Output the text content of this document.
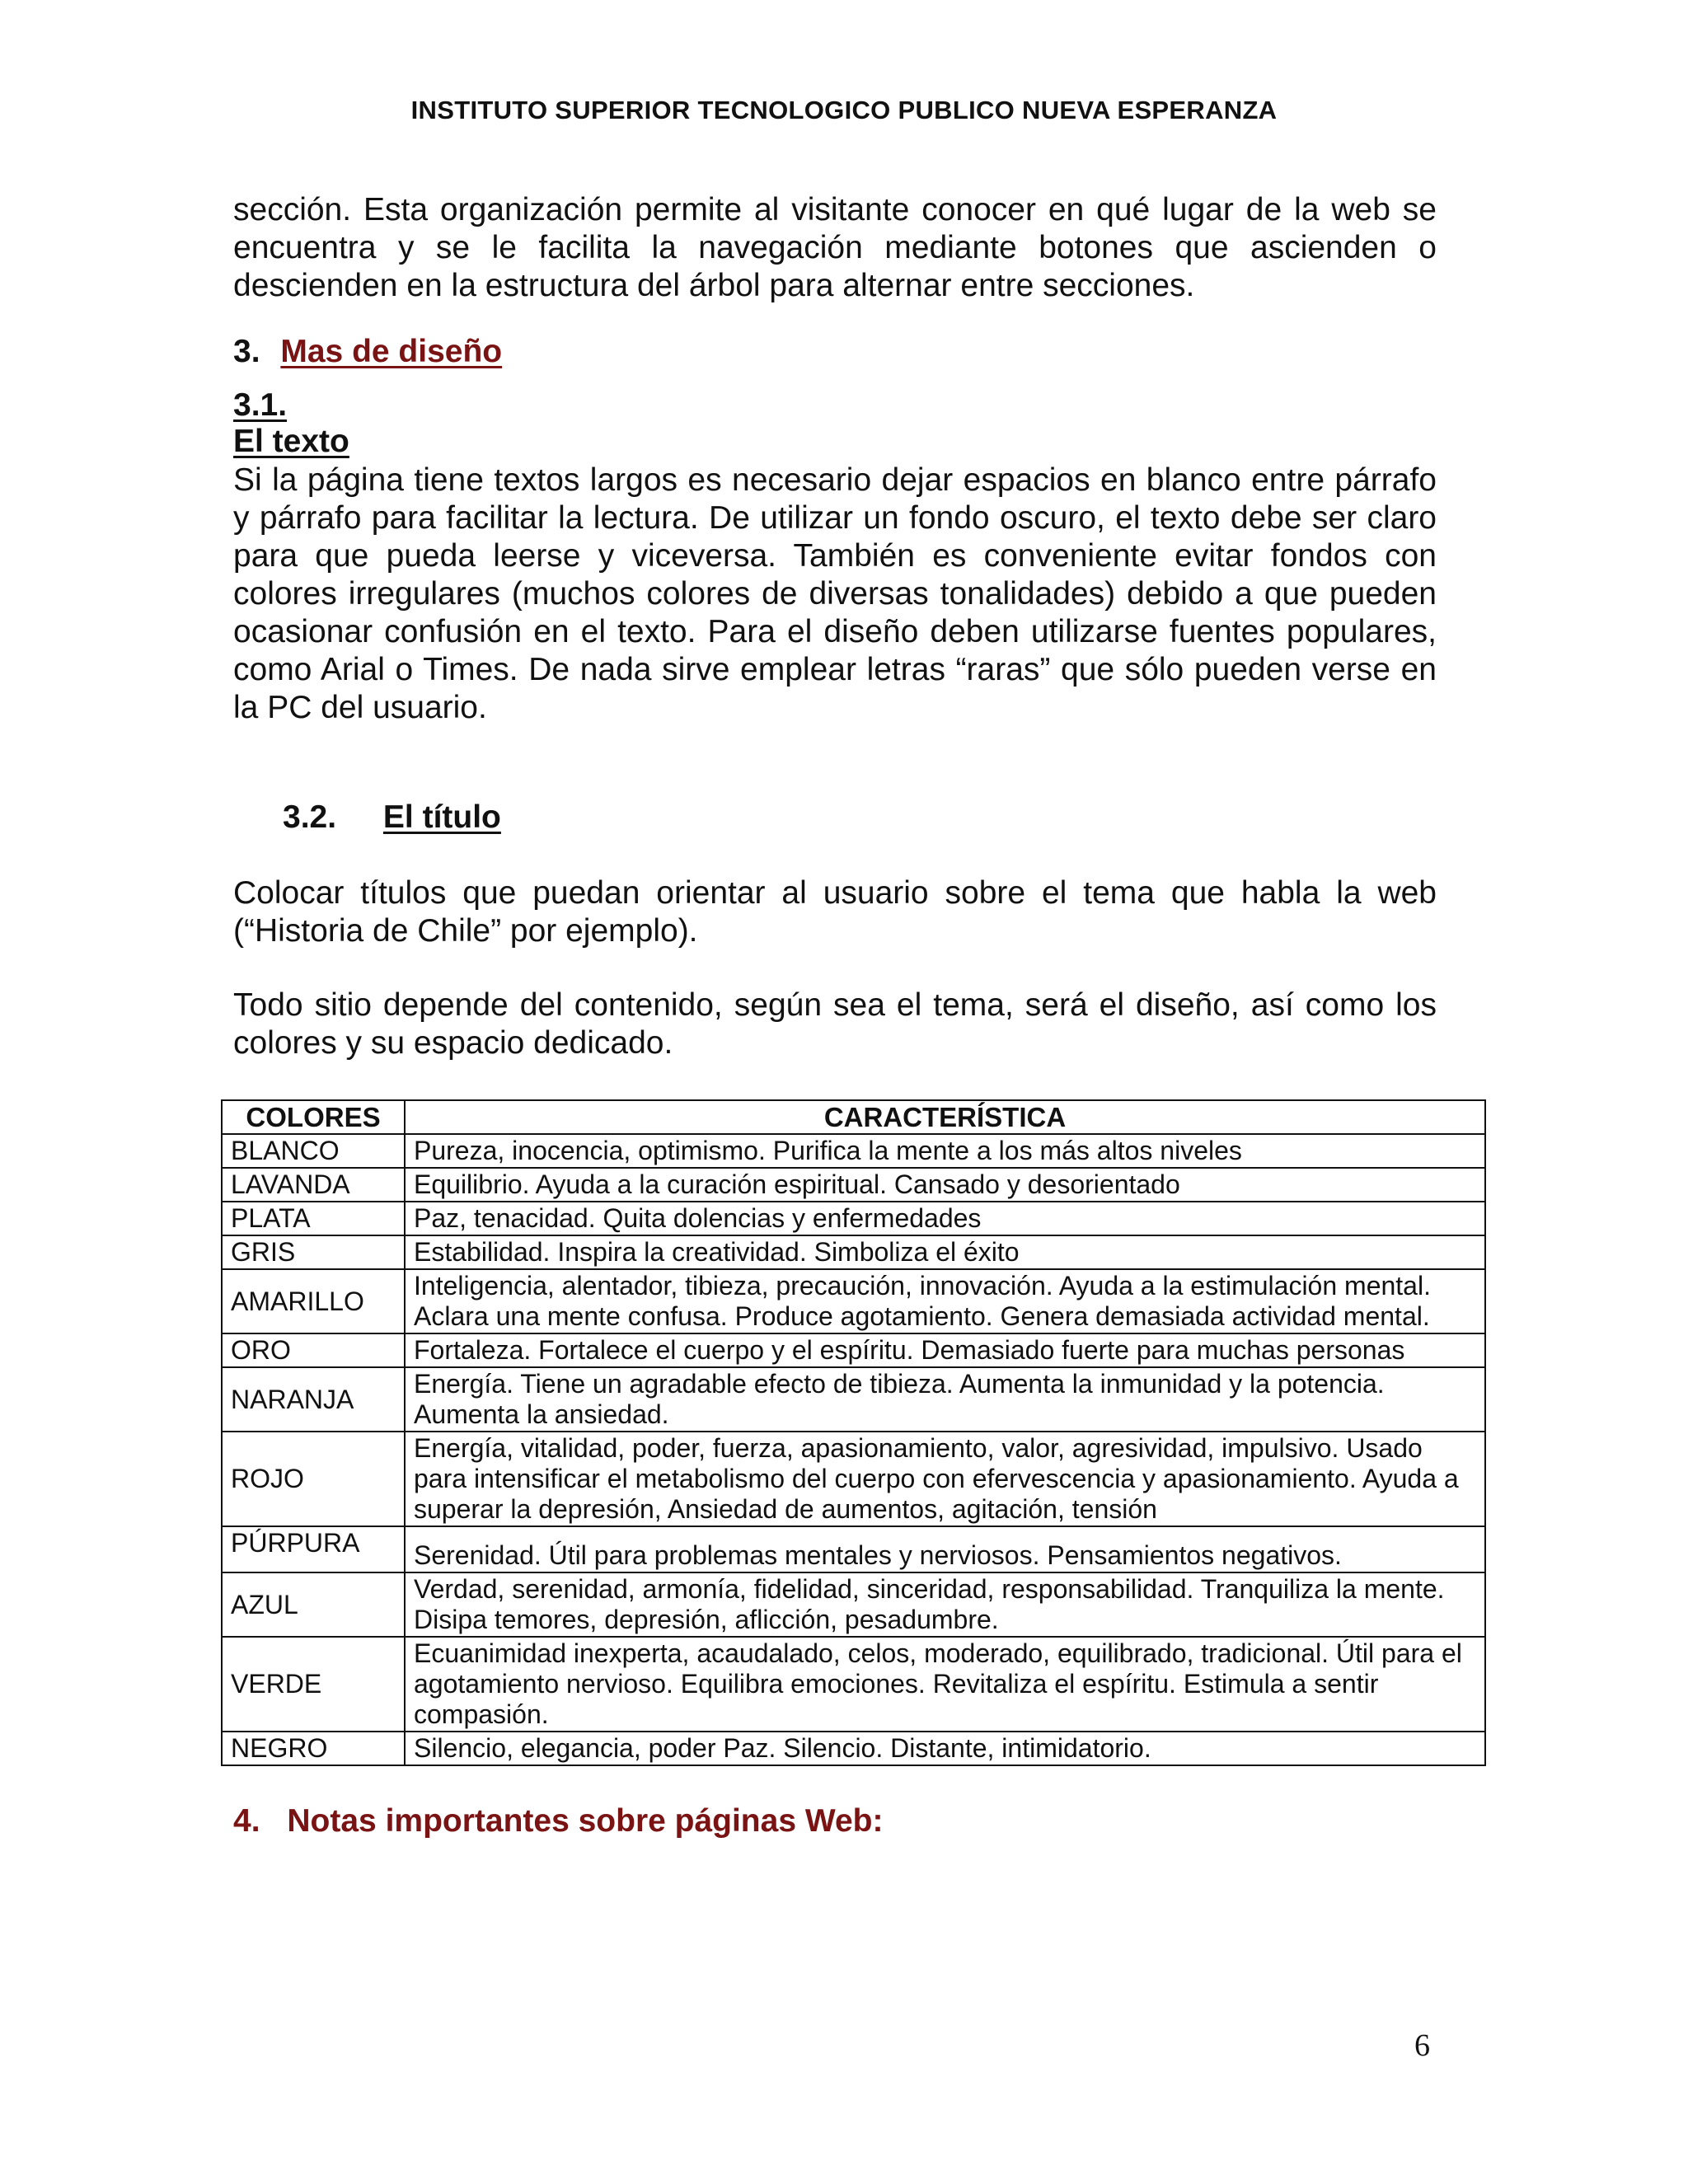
INSTITUTO SUPERIOR TECNOLOGICO PUBLICO NUEVA ESPERANZA
sección. Esta organización permite al visitante conocer en qué lugar de la web se encuentra y se le facilita la navegación mediante botones que ascienden o descienden en la estructura del árbol para alternar entre secciones.
3. Mas de diseño
3.1.
El texto
Si la página tiene textos largos es necesario dejar espacios en blanco entre párrafo y párrafo para facilitar la lectura. De utilizar un fondo oscuro, el texto debe ser claro para que pueda leerse y viceversa. También es conveniente evitar fondos con colores irregulares (muchos colores de diversas tonalidades) debido a que pueden ocasionar confusión en el texto. Para el diseño deben utilizarse fuentes populares, como Arial o Times. De nada sirve emplear letras “raras” que sólo pueden verse en la PC del usuario.
3.2. El título
Colocar títulos que puedan orientar al usuario sobre el tema que habla la web (“Historia de Chile” por ejemplo).
Todo sitio depende del contenido, según sea el tema, será el diseño, así como los colores y su espacio dedicado.
COLORES	CARACTERÍSTICA
BLANCO	Pureza, inocencia, optimismo. Purifica la mente a los más altos niveles
LAVANDA	Equilibrio. Ayuda a la curación espiritual. Cansado y desorientado
PLATA	Paz, tenacidad. Quita dolencias y enfermedades
GRIS	Estabilidad. Inspira la creatividad. Simboliza el éxito
AMARILLO	Inteligencia, alentador, tibieza, precaución, innovación. Ayuda a la estimulación mental. Aclara una mente confusa. Produce agotamiento. Genera demasiada actividad mental.
ORO	Fortaleza. Fortalece el cuerpo y el espíritu. Demasiado fuerte para muchas personas
NARANJA	Energía. Tiene un agradable efecto de tibieza. Aumenta la inmunidad y la potencia. Aumenta la ansiedad.
ROJO	Energía, vitalidad, poder, fuerza, apasionamiento, valor, agresividad, impulsivo. Usado para intensificar el metabolismo del cuerpo con efervescencia y apasionamiento. Ayuda a superar la depresión, Ansiedad de aumentos, agitación, tensión
PÚRPURA	Serenidad. Útil para problemas mentales y nerviosos. Pensamientos negativos.
AZUL	Verdad, serenidad, armonía, fidelidad, sinceridad, responsabilidad. Tranquiliza la mente. Disipa temores, depresión, aflicción, pesadumbre.
VERDE	Ecuanimidad inexperta, acaudalado, celos, moderado, equilibrado, tradicional. Útil para el agotamiento nervioso. Equilibra emociones. Revitaliza el espíritu. Estimula a sentir compasión.
NEGRO	Silencio, elegancia, poder Paz. Silencio. Distante, intimidatorio.
4. Notas importantes sobre páginas Web:
6
